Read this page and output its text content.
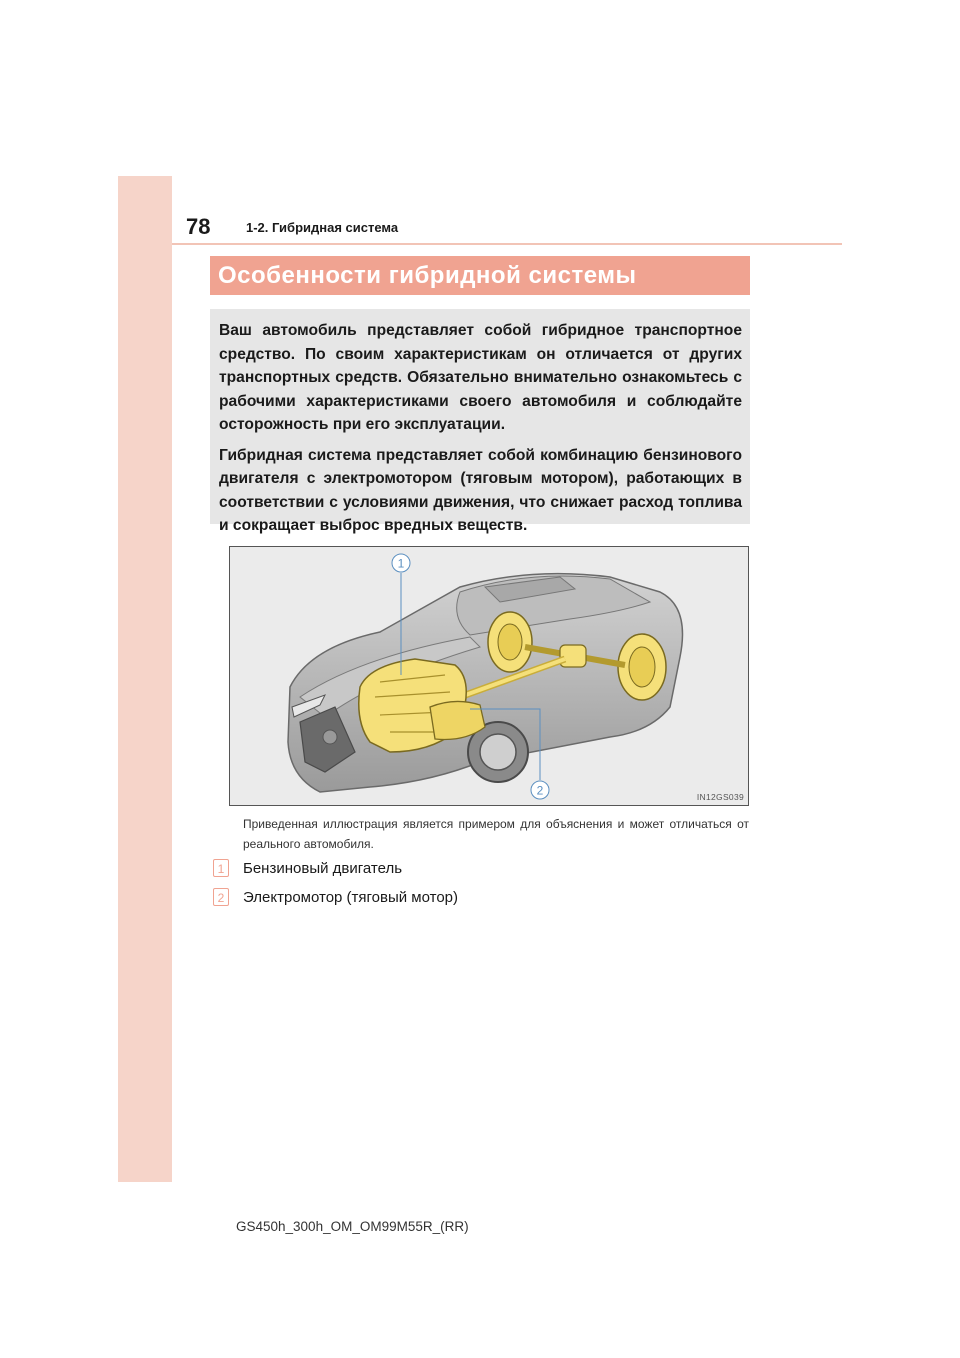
78	1-2. Гибридная система
Особенности гибридной системы

Ваш автомобиль представляет собой гибридное транспортное средство. По своим характеристикам он отличается от других транспортных средств. Обязательно внимательно ознакомьтесь с рабочими характеристиками своего автомобиля и соблюдайте осторожность при его эксплуатации.

Гибридная система представляет собой комбинацию бензинового двигателя с электромотором (тяговым мотором), работающих в соответствии с условиями движения, что снижает расход топлива и сокращает выброс вредных веществ.

1
2	IN12GS039
Приведенная иллюстрация является примером для объяснения и может отличаться от реального автомобиля.
1	Бензиновый двигатель
2	Электромотор (тяговый мотор)
GS450h_300h_OM_OM99M55R_(RR)
